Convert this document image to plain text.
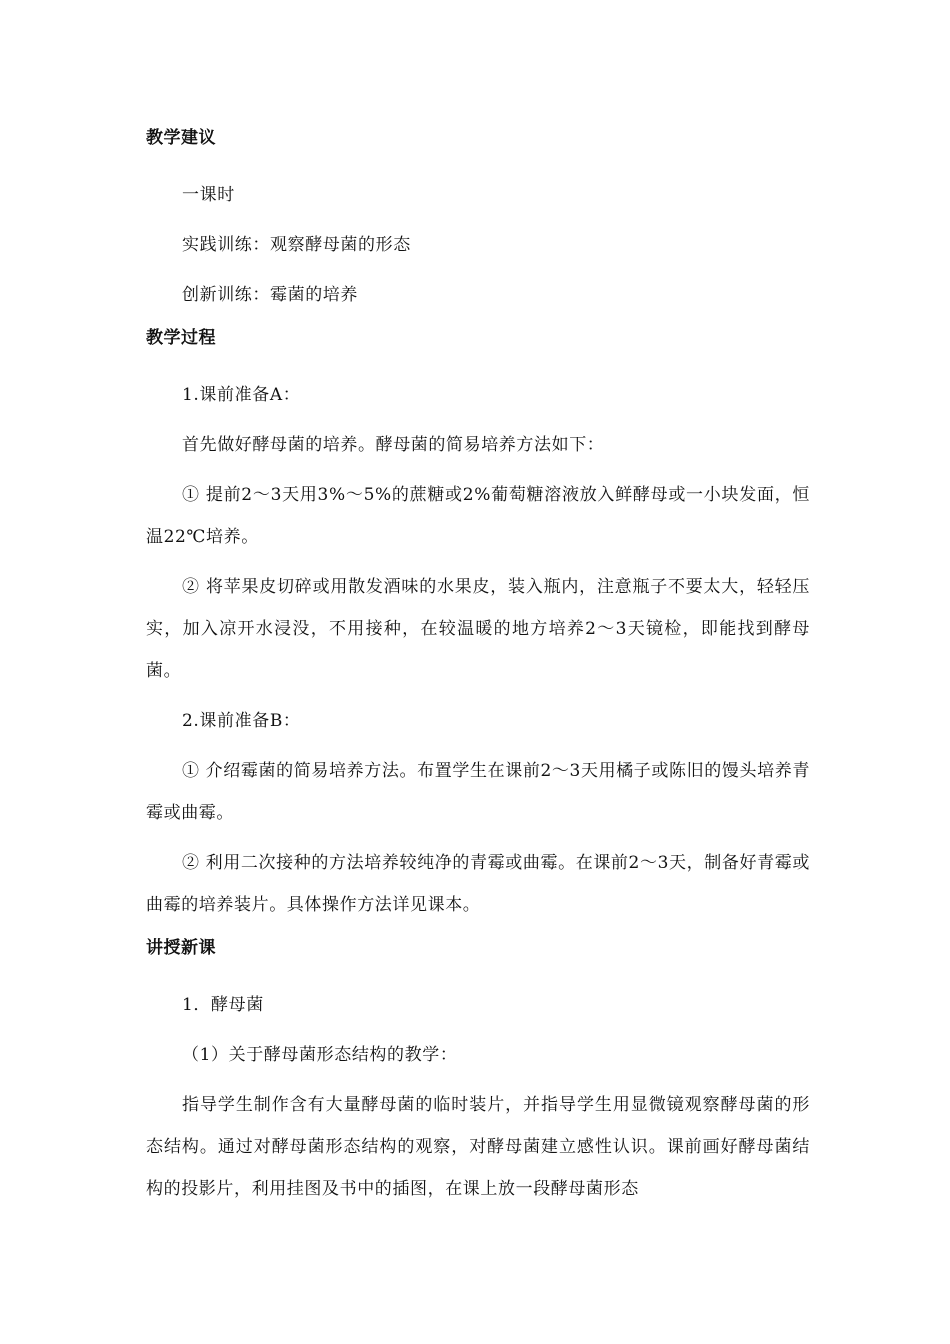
教学建议

一课时

实践训练：观察酵母菌的形态

创新训练：霉菌的培养

教学过程

1.课前准备A：

首先做好酵母菌的培养。酵母菌的简易培养方法如下：

① 提前2～3天用3%～5%的蔗糖或2%葡萄糖溶液放入鲜酵母或一小块发面，恒温22℃培养。

② 将苹果皮切碎或用散发酒味的水果皮，装入瓶内，注意瓶子不要太大，轻轻压实，加入凉开水浸没，不用接种，在较温暖的地方培养2～3天镜检，即能找到酵母菌。

2.课前准备B：

① 介绍霉菌的简易培养方法。布置学生在课前2～3天用橘子或陈旧的馒头培养青霉或曲霉。

② 利用二次接种的方法培养较纯净的青霉或曲霉。在课前2～3天，制备好青霉或曲霉的培养装片。具体操作方法详见课本。

讲授新课

1．酵母菌

（1）关于酵母菌形态结构的教学：

指导学生制作含有大量酵母菌的临时装片，并指导学生用显微镜观察酵母菌的形态结构。通过对酵母菌形态结构的观察，对酵母菌建立感性认识。课前画好酵母菌结构的投影片，利用挂图及书中的插图，在课上放一段酵母菌形态
